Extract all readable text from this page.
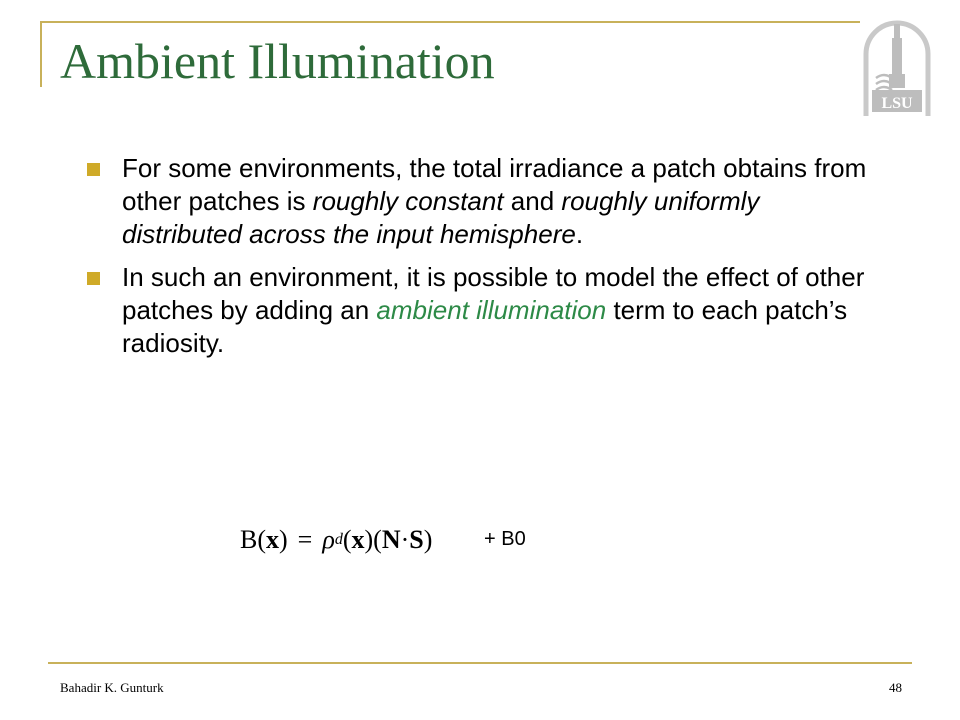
Ambient Illumination
LSU
For some environments, the total irradiance a patch obtains from other patches is roughly constant and roughly uniformly distributed across the input hemisphere.
In such an environment, it is possible to model the effect of other patches by adding an ambient illumination term to each patch’s radiosity.
B( x ) = ρ d ( x )( N · S )	+ B0
Bahadir K. Gunturk	48
